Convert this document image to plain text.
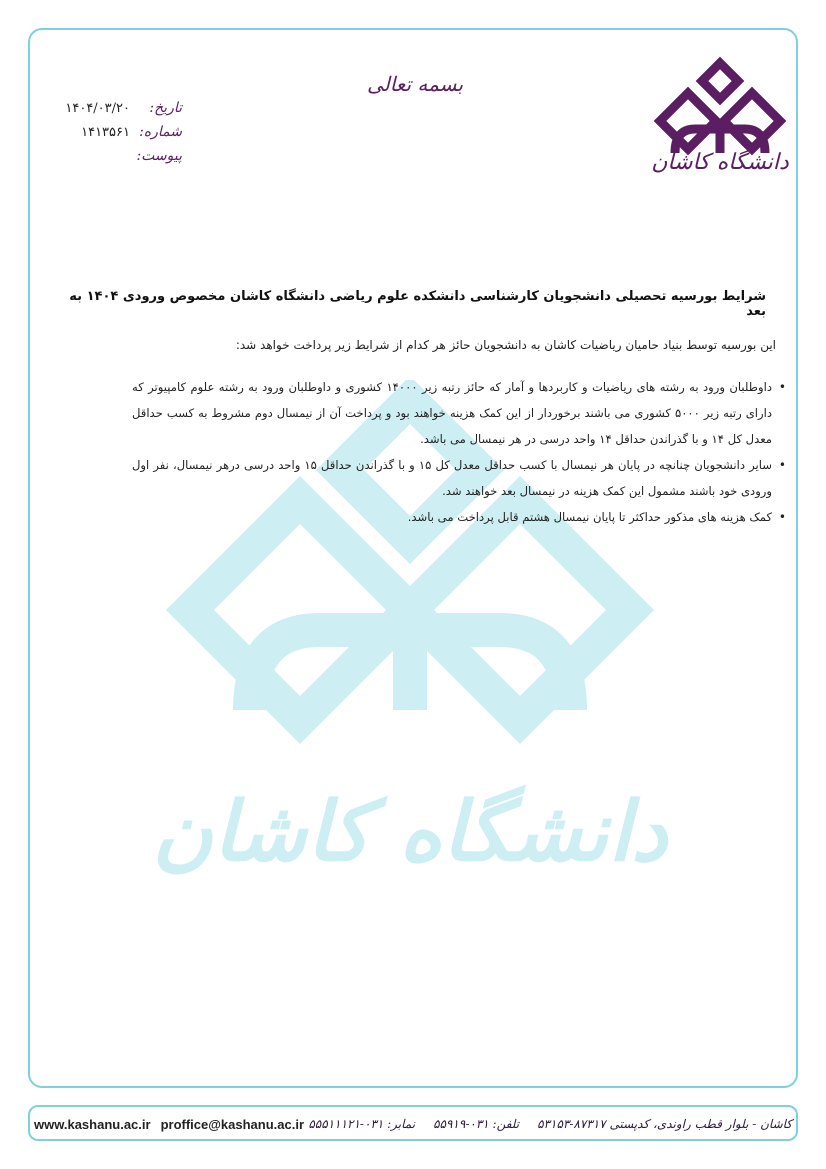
دانشگاه کاشان
دانشگاه کاشان
بسمه تعالی
تاریخ:
۱۴۰۴/۰۳/۲۰
شماره:
۱۴۱۳۵۶۱
پیوست:
شرایط بورسیه تحصیلی دانشجویان کارشناسی دانشکده علوم ریاضی دانشگاه کاشان مخصوص ورودی ۱۴۰۴ به بعد
این بورسیه توسط بنیاد حامیان ریاضیات کاشان به دانشجویان حائز هر کدام از شرایط زیر پرداخت خواهد شد:
• داوطلبان ورود به رشته های ریاضیات و کاربردها و آمار که حائز رتبه زیر ۱۴۰۰۰ کشوری و داوطلبان ورود به رشته علوم کامپیوتر که دارای رتبه زیر ۵۰۰۰ کشوری می باشند برخوردار از این کمک هزینه خواهند بود و پرداخت آن از نیمسال دوم مشروط به کسب حداقل معدل کل ۱۴ و با گذراندن حداقل ۱۴ واحد درسی در هر نیمسال می باشد.
• سایر دانشجویان چنانچه در پایان هر نیمسال با کسب حداقل معدل کل ۱۵ و با گذراندن حداقل ۱۵ واحد درسی درهر نیمسال، نفر اول ورودی خود باشند مشمول این کمک هزینه در نیمسال بعد خواهند شد.
• کمک هزینه های مذکور حداکثر تا پایان نیمسال هشتم قابل پرداخت می باشد.
www.kashanu.ac.ir proffice@kashanu.ac.ir	کاشان - بلوار قطب راوندی، کدپستی ۸۷۳۱۷-۵۳۱۵۳
تلفن: ۰۳۱-۵۵۹۱۹
نمابر: ۰۳۱-۵۵۵۱۱۱۲۱
